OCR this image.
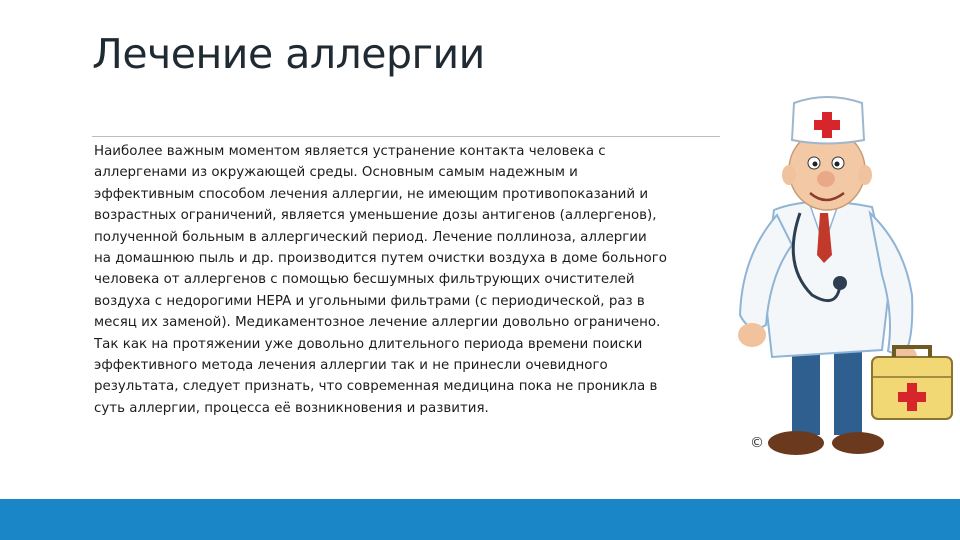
Лечение аллергии

Наиболее важным моментом является устранение контакта человека с
аллергенами из окружающей среды. Основным самым надежным и
эффективным способом лечения аллергии, не имеющим противопоказаний и
возрастных ограничений, является уменьшение дозы антигенов (аллергенов),
полученной больным в аллергический период. Лечение поллиноза, аллергии
на домашнюю пыль и др. производится путем очистки воздуха в доме больного
человека от аллергенов с помощью бесшумных фильтрующих очистителей
воздуха с недорогими HEPA и угольными фильтрами (с периодической, раз в
месяц их заменой). Медикаментозное лечение аллергии довольно ограничено.
Так как на протяжении уже довольно длительного периода времени поиски
эффективного метода лечения аллергии так и не принесли очевидного
результата, следует признать, что современная медицина пока не проникла в
суть аллергии, процесса её возникновения и развития.

©
